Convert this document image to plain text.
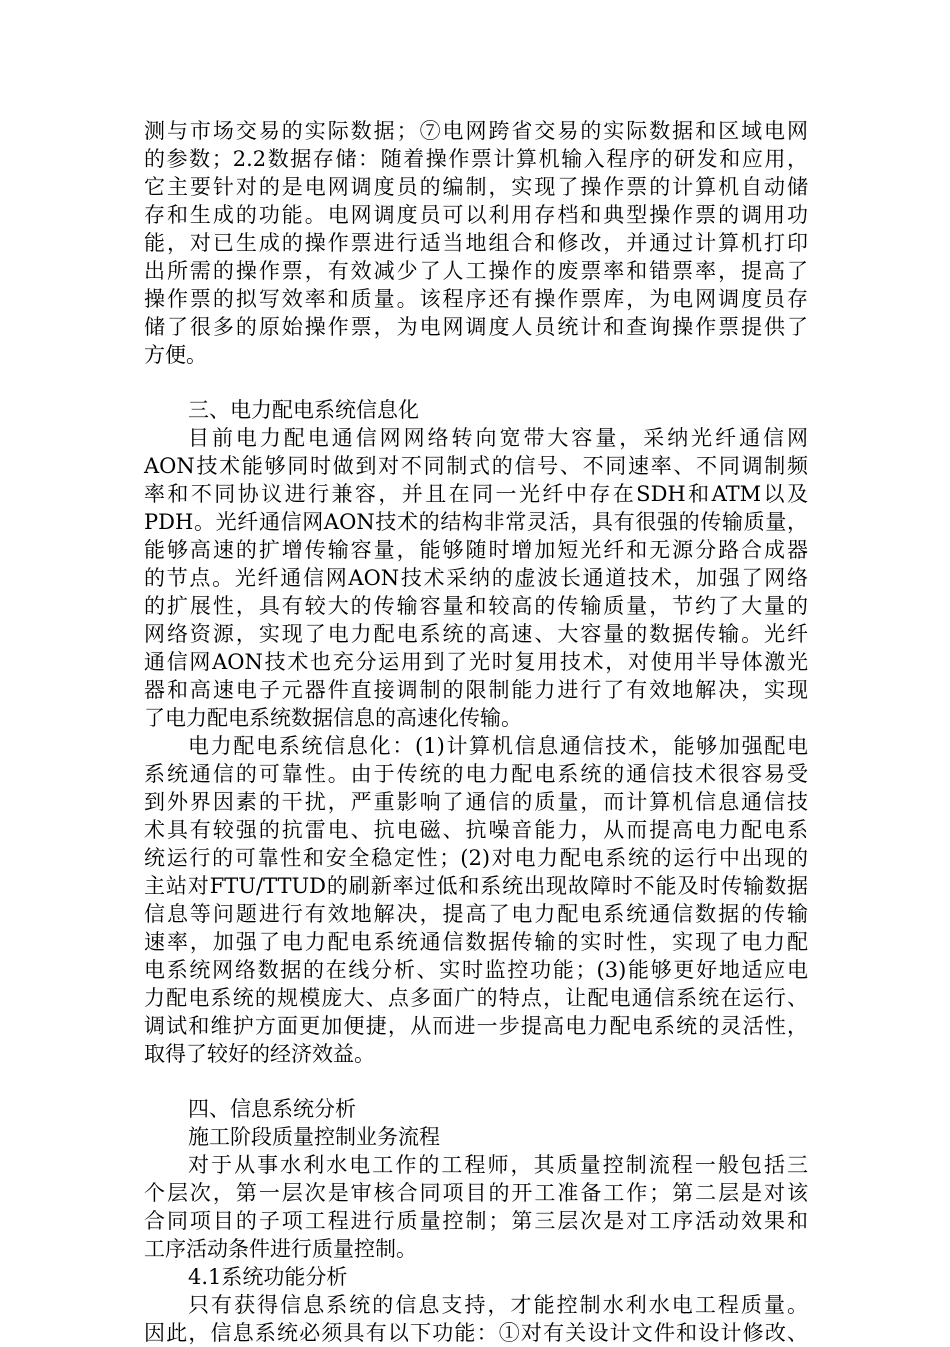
测与市场交易的实际数据；⑦电网跨省交易的实际数据和区域电网
的参数；2.2数据存储：随着操作票计算机输入程序的研发和应用，
它主要针对的是电网调度员的编制，实现了操作票的计算机自动储
存和生成的功能。电网调度员可以利用存档和典型操作票的调用功
能，对已生成的操作票进行适当地组合和修改，并通过计算机打印
出所需的操作票，有效减少了人工操作的废票率和错票率，提高了
操作票的拟写效率和质量。该程序还有操作票库，为电网调度员存
储了很多的原始操作票，为电网调度人员统计和查询操作票提供了
方便。
三、电力配电系统信息化
目前电力配电通信网网络转向宽带大容量，采纳光纤通信网
AON技术能够同时做到对不同制式的信号、不同速率、不同调制频
率和不同协议进行兼容，并且在同一光纤中存在SDH和ATM以及
PDH。光纤通信网AON技术的结构非常灵活，具有很强的传输质量，
能够高速的扩增传输容量，能够随时增加短光纤和无源分路合成器
的节点。光纤通信网AON技术采纳的虚波长通道技术，加强了网络
的扩展性，具有较大的传输容量和较高的传输质量，节约了大量的
网络资源，实现了电力配电系统的高速、大容量的数据传输。光纤
通信网AON技术也充分运用到了光时复用技术，对使用半导体激光
器和高速电子元器件直接调制的限制能力进行了有效地解决，实现
了电力配电系统数据信息的高速化传输。
电力配电系统信息化：(1)计算机信息通信技术，能够加强配电
系统通信的可靠性。由于传统的电力配电系统的通信技术很容易受
到外界因素的干扰，严重影响了通信的质量，而计算机信息通信技
术具有较强的抗雷电、抗电磁、抗噪音能力，从而提高电力配电系
统运行的可靠性和安全稳定性；(2)对电力配电系统的运行中出现的
主站对FTU/TTUD的刷新率过低和系统出现故障时不能及时传输数据
信息等问题进行有效地解决，提高了电力配电系统通信数据的传输
速率，加强了电力配电系统通信数据传输的实时性，实现了电力配
电系统网络数据的在线分析、实时监控功能；(3)能够更好地适应电
力配电系统的规模庞大、点多面广的特点，让配电通信系统在运行、
调试和维护方面更加便捷，从而进一步提高电力配电系统的灵活性，
取得了较好的经济效益。
四、信息系统分析
施工阶段质量控制业务流程
对于从事水利水电工作的工程师，其质量控制流程一般包括三
个层次，第一层次是审核合同项目的开工准备工作；第二层是对该
合同项目的子项工程进行质量控制；第三层次是对工序活动效果和
工序活动条件进行质量控制。
4.1系统功能分析
只有获得信息系统的信息支持，才能控制水利水电工程质量。
因此，信息系统必须具有以下功能：①对有关设计文件和设计修改、
